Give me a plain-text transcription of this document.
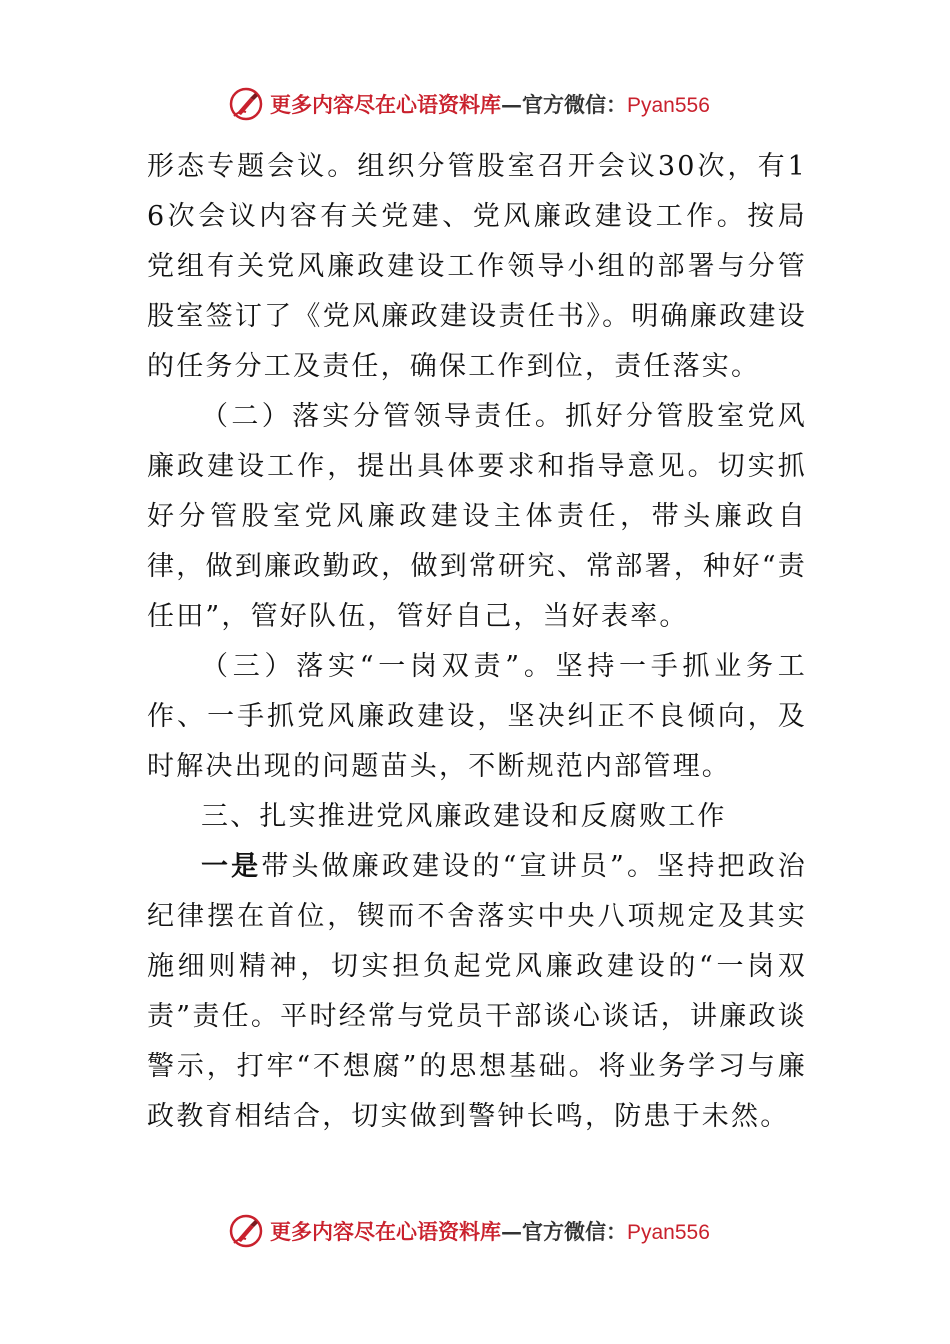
更多内容尽在心语资料库—官方微信：Pyan556

形态专题会议。组织分管股室召开会议30次，有16次会议内容有关党建、党风廉政建设工作。按局党组有关党风廉政建设工作领导小组的部署与分管股室签订了《党风廉政建设责任书》。明确廉政建设的任务分工及责任，确保工作到位，责任落实。

（二）落实分管领导责任。抓好分管股室党风廉政建设工作，提出具体要求和指导意见。切实抓好分管股室党风廉政建设主体责任，带头廉政自律，做到廉政勤政，做到常研究、常部署，种好“责任田”，管好队伍，管好自己，当好表率。

（三）落实“一岗双责”。坚持一手抓业务工作、一手抓党风廉政建设，坚决纠正不良倾向，及时解决出现的问题苗头，不断规范内部管理。

三、扎实推进党风廉政建设和反腐败工作

一是带头做廉政建设的“宣讲员”。坚持把政治纪律摆在首位，锲而不舍落实中央八项规定及其实施细则精神，切实担负起党风廉政建设的“一岗双责”责任。平时经常与党员干部谈心谈话，讲廉政谈警示，打牢“不想腐”的思想基础。将业务学习与廉政教育相结合，切实做到警钟长鸣，防患于未然。

更多内容尽在心语资料库—官方微信：Pyan556
